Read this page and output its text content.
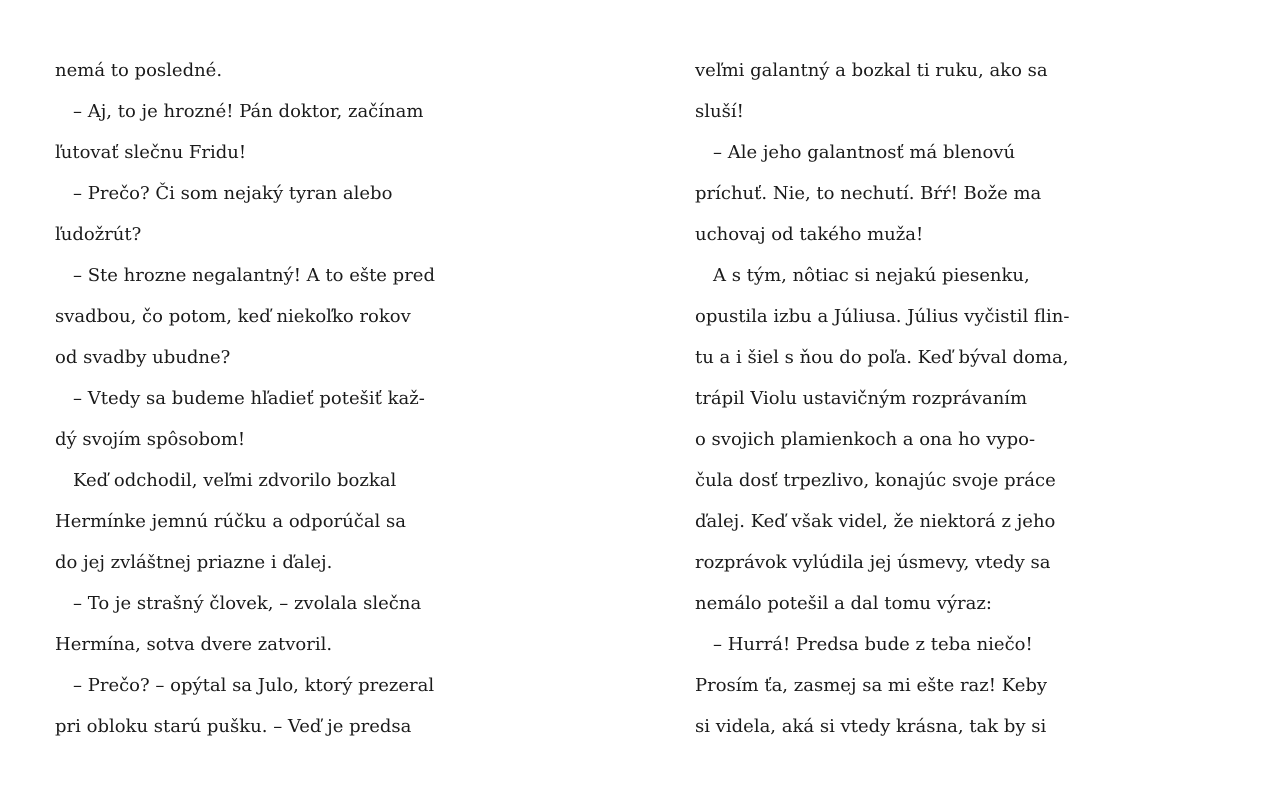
nemá to posledné.
– Aj, to je hrozné! Pán doktor, začínam
ľutovať slečnu Fridu!
– Prečo? Či som nejaký tyran alebo
ľudožrút?
– Ste hrozne negalantný! A to ešte pred
svadbou, čo potom, keď niekoľko rokov
od svadby ubudne?
– Vtedy sa budeme hľadieť potešiť kaž-
dý svojím spôsobom!
Keď odchodil, veľmi zdvorilo bozkal
Hermínke jemnú rúčku a odporúčal sa
do jej zvláštnej priazne i ďalej.
– To je strašný človek, – zvolala slečna
Hermína, sotva dvere zatvoril.
– Prečo? – opýtal sa Julo, ktorý prezeral
pri obloku starú pušku. – Veď je predsa
veľmi galantný a bozkal ti ruku, ako sa
sluší!
– Ale jeho galantnosť má blenovú
príchuť. Nie, to nechutí. Bŕŕ! Bože ma
uchovaj od takého muža!
A s tým, nôtiac si nejakú piesenku,
opustila izbu a Júliusa. Július vyčistil flin-
tu a i šiel s ňou do poľa. Keď býval doma,
trápil Violu ustavičným rozprávaním
o svojich plamienkoch a ona ho vypo-
čula dosť trpezlivo, konajúc svoje práce
ďalej. Keď však videl, že niektorá z jeho
rozprávok vylúdila jej úsmevy, vtedy sa
nemálo potešil a dal tomu výraz:
– Hurrá! Predsa bude z teba niečo!
Prosím ťa, zasmej sa mi ešte raz! Keby
si videla, aká si vtedy krásna, tak by si
